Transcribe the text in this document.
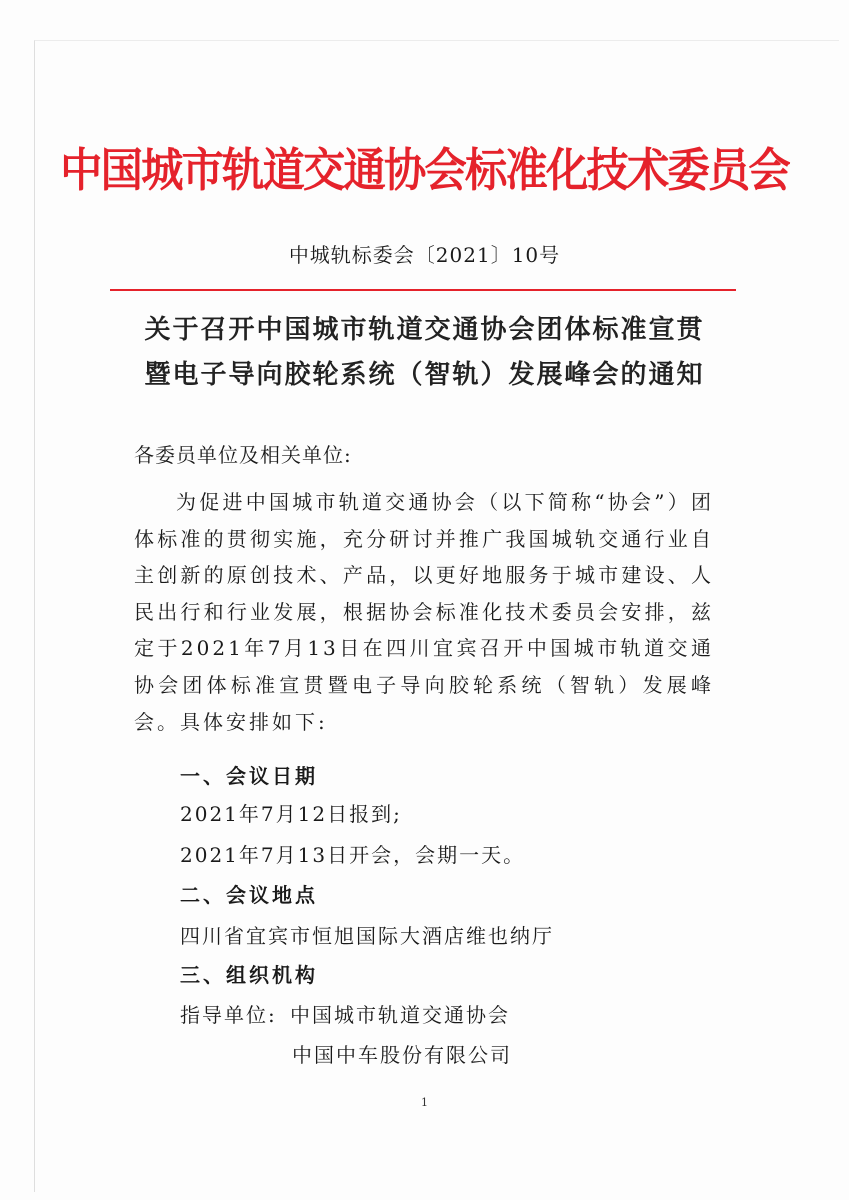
中国城市轨道交通协会标准化技术委员会
中城轨标委会〔2021〕10号
关于召开中国城市轨道交通协会团体标准宣贯
暨电子导向胶轮系统（智轨）发展峰会的通知
各委员单位及相关单位:
为促进中国城市轨道交通协会（以下简称“协会”）团体标准的贯彻实施，充分研讨并推广我国城轨交通行业自主创新的原创技术、产品，以更好地服务于城市建设、人民出行和行业发展，根据协会标准化技术委员会安排，兹定于2021年7月13日在四川宜宾召开中国城市轨道交通协会团体标准宣贯暨电子导向胶轮系统（智轨）发展峰会。具体安排如下:
一、会议日期
2021年7月12日报到;
2021年7月13日开会，会期一天。
二、会议地点
四川省宜宾市恒旭国际大酒店维也纳厅
三、组织机构
指导单位: 中国城市轨道交通协会
中国中车股份有限公司
1
